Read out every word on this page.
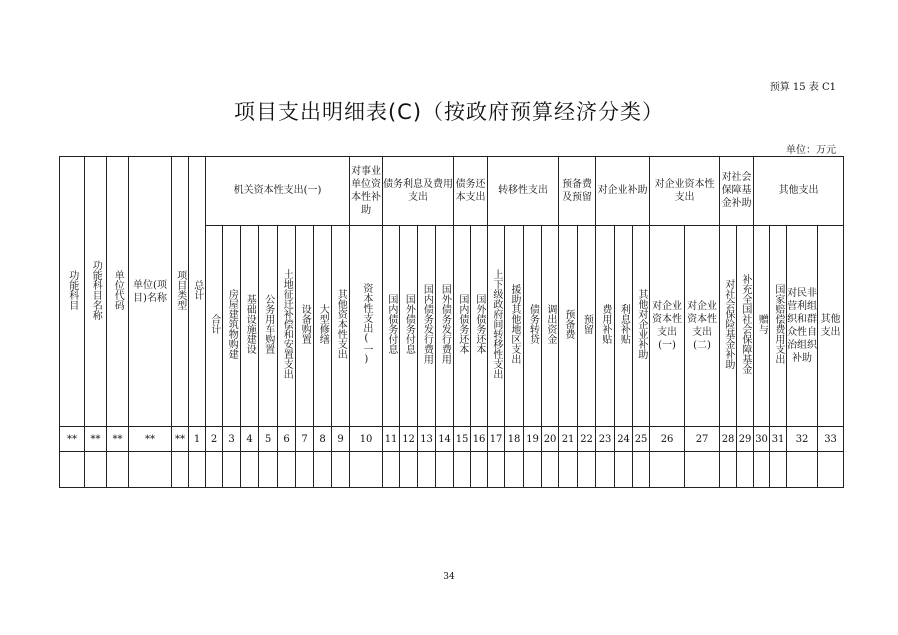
预算 15 表 C1
项目支出明细表(C)（按政府预算经济分类）
单位：万元
功能科目	功能科目名称	单位代码	单位(项目)名称	项目类型	总计	机关资本性支出(一)								对事业单位资本性补助	债务利息及费用支出				债务还本支出		转移性支出				预备费及预留		对企业补助			对企业资本性支出		对社会保障基金补助		其他支出			
						合计	房屋建筑物购建	基础设施建设	公务用车购置	土地征迁补偿和安置支出	设备购置	大型修缮	其他资本性支出	资本性支出(一)	国内债务付息	国外债务付息	国内债务发行费用	国外债务发行费用	国内债务还本	国外债务还本	上下级政府间转移性支出	援助其他地区支出	债务转贷	调出资金	预备费	预留	费用补贴	利息补贴	其他对企业补助	对企业资本性支出(一)	对企业资本性支出(二)	对社会保险基金补助	补充全国社会保障基金	赠与	国家赔偿费用支出	对民非营利组织和群众性自治组织补助	其他支出
**	**	**	**	**	1	2	3	4	5	6	7	8	9	10	11	12	13	14	15	16	17	18	19	20	21	22	23	24	25	26	27	28	29	30	31	32	33

34
